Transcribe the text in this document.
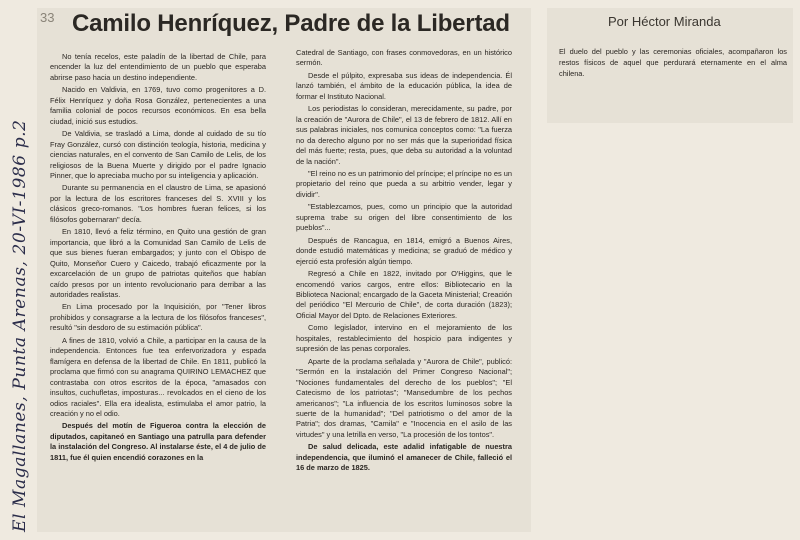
33 Camilo Henríquez, Padre de la Libertad	Por Héctor Miranda
El duelo del pueblo y las ceremonias oficiales, acompañaron los restos físicos de aquel que perdurará eternamente en el alma chilena.
El Magallanes, Punta Arenas, 20-VI-1986 p.2

No tenía recelos, este paladín de la libertad de Chile, para encender la luz del entendimiento de un pueblo que esperaba abrirse paso hacia un destino independiente.

Nacido en Valdivia, en 1769, tuvo como progenitores a D. Félix Henríquez y doña Rosa González, pertenecientes a una familia colonial de pocos recursos económicos. En esa bella ciudad, inició sus estudios.

De Valdivia, se trasladó a Lima, donde al cuidado de su tío Fray González, cursó con distinción teología, historia, medicina y ciencias naturales, en el convento de San Camilo de Lelis, de los religiosos de la Buena Muerte y dirigido por el padre Ignacio Pinner, que lo apreciaba mucho por su inteligencia y aplicación.

Durante su permanencia en el claustro de Lima, se apasionó por la lectura de los escritores franceses del S. XVIII y los clásicos greco-romanos. "Los hombres fueran felices, si los filósofos gobernaran" decía.

En 1810, llevó a feliz término, en Quito una gestión de gran importancia, que libró a la Comunidad San Camilo de Lelis de que sus bienes fueran embargados; y junto con el Obispo de Quito, Monseñor Cuero y Caicedo, trabajó eficazmente por la excarcelación de un grupo de patriotas quiteños que habían caído presos por un intento revolucionario para derribar a las autoridades realistas.

En Lima procesado por la Inquisición, por "Tener libros prohibidos y consagrarse a la lectura de los filósofos franceses", resultó "sin desdoro de su estimación pública".

A fines de 1810, volvió a Chile, a participar en la causa de la independencia. Entonces fue tea enfervorizadora y espada flamígera en defensa de la libertad de Chile. En 1811, publicó la proclama que firmó con su anagrama QUIRINO LEMACHEZ que contrastaba con otros escritos de la época, "amasados con insultos, cuchufletas, imposturas... revolcados en el cieno de los odios raciales". Ella era idealista, estimulaba el amor patrio, la creación y no el odio.

Después del motín de Figueroa contra la elección de diputados, capitaneó en Santiago una patrulla para defender la instalación del Congreso. Al instalarse éste, el 4 de julio de 1811, fue él quien encendió corazones en la

Catedral de Santiago, con frases conmovedoras, en un histórico sermón.

Desde el púlpito, expresaba sus ideas de independencia. Él lanzó también, el ámbito de la educación pública, la idea de formar el Instituto Nacional.

Los periodistas lo consideran, merecidamente, su padre, por la creación de "Aurora de Chile", el 13 de febrero de 1812. Allí en sus palabras iniciales, nos comunica conceptos como: "La fuerza no da derecho alguno por no ser más que la superioridad física del más fuerte; resta, pues, que deba su autoridad a la voluntad de la nación".

"El reino no es un patrimonio del príncipe; el príncipe no es un propietario del reino que pueda a su arbitrio vender, legar y dividir".

"Establezcamos, pues, como un principio que la autoridad suprema trabe su origen del libre consentimiento de los pueblos"...

Después de Rancagua, en 1814, emigró a Buenos Aires, donde estudió matemáticas y medicina; se graduó de médico y ejerció esta profesión algún tiempo.

Regresó a Chile en 1822, invitado por O'Higgins, que le encomendó varios cargos, entre ellos: Bibliotecario en la Biblioteca Nacional; encargado de la Gaceta Ministerial; Creación del periódico "El Mercurio de Chile", de corta duración (1823); Oficial Mayor del Dpto. de Relaciones Exteriores.

Como legislador, intervino en el mejoramiento de los hospitales, restablecimiento del hospicio para indigentes y supresión de las penas corporales.

Aparte de la proclama señalada y "Aurora de Chile", publicó: "Sermón en la instalación del Primer Congreso Nacional"; "Nociones fundamentales del derecho de los pueblos"; "El Catecismo de los patriotas"; "Mansedumbre de los pechos americanos"; "La influencia de los escritos luminosos sobre la suerte de la humanidad"; "Del patriotismo o del amor de la Patria"; dos dramas, "Camila" e "Inocencia en el asilo de las virtudes" y una letrilla en verso, "La procesión de los tontos".

De salud delicada, este adalid infatigable de nuestra independencia, que iluminó el amanecer de Chile, falleció el 16 de marzo de 1825.
